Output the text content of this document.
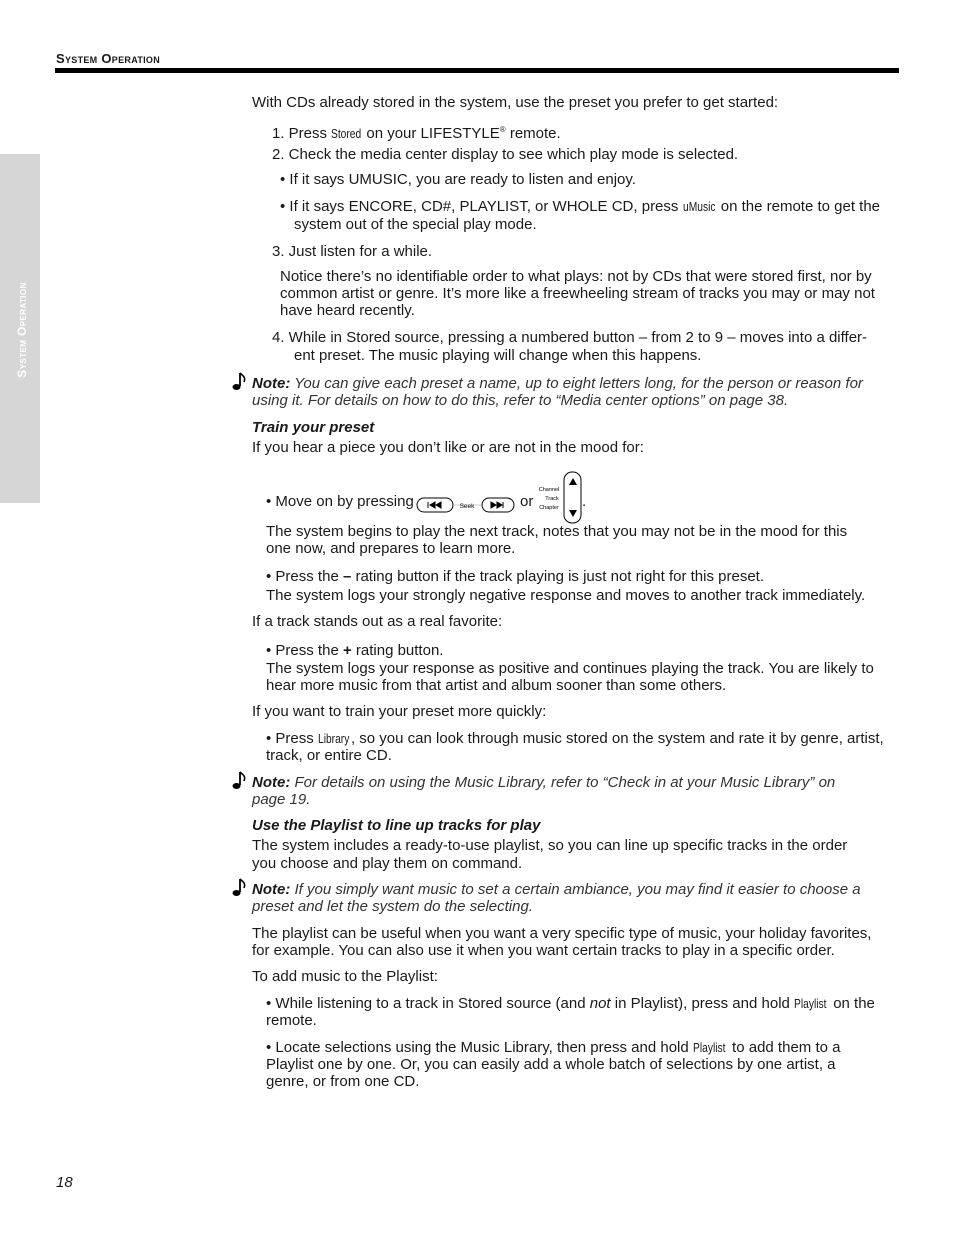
System Operation
System Operation

With CDs already stored in the system, use the preset you prefer to get started:

1. Press Stored on your LIFESTYLE® remote.

2. Check the media center display to see which play mode is selected.

• If it says UMUSIC, you are ready to listen and enjoy.

• If it says ENCORE, CD#, PLAYLIST, or WHOLE CD, press uMusic on the remote to get the

system out of the special play mode.

3. Just listen for a while.

Notice there’s no identifiable order to what plays: not by CDs that were stored first, nor by

common artist or genre. It’s more like a freewheeling stream of tracks you may or may not

have heard recently.

4. While in Stored source, pressing a numbered button – from 2 to 9 – moves into a differ-

ent preset. The music playing will change when this happens.

Note: You can give each preset a name, up to eight letters long, for the person or reason for

using it. For details on how to do this, refer to “Media center options” on page 38.

Train your preset

If you hear a piece you don’t like or are not in the mood for:

• Move on by pressing	Seek	or

Channel
Track
Chapter .

The system begins to play the next track, notes that you may not be in the mood for this

one now, and prepares to learn more.

• Press the – rating button if the track playing is just not right for this preset.

The system logs your strongly negative response and moves to another track immediately.

If a track stands out as a real favorite:

• Press the + rating button.

The system logs your response as positive and continues playing the track. You are likely to

hear more music from that artist and album sooner than some others.

If you want to train your preset more quickly:

• Press Library , so you can look through music stored on the system and rate it by genre, artist,

track, or entire CD.

Note: For details on using the Music Library, refer to “Check in at your Music Library” on

page 19.

Use the Playlist to line up tracks for play

The system includes a ready-to-use playlist, so you can line up specific tracks in the order

you choose and play them on command.

Note: If you simply want music to set a certain ambiance, you may find it easier to choose a

preset and let the system do the selecting.

The playlist can be useful when you want a very specific type of music, your holiday favorites,

for example. You can also use it when you want certain tracks to play in a specific order.

To add music to the Playlist:

• While listening to a track in Stored source (and not in Playlist), press and hold Playlist on the

remote.

• Locate selections using the Music Library, then press and hold Playlist to add them to a

Playlist one by one. Or, you can easily add a whole batch of selections by one artist, a

genre, or from one CD.

18
